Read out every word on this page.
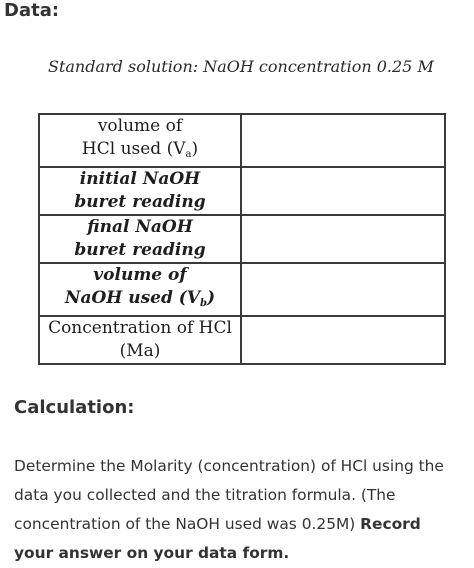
Data:
Standard solution: NaOH concentration 0.25 M
volume of
HCl used $(V_a)$	
initial NaOH
buret reading	
final NaOH
buret reading	
volume of
NaOH used $(V_b)$	
Concentration of HCl
(Ma)	
Calculation:

Determine the Molarity (concentration) of HCl using the data you collected and the titration formula. (The concentration of the NaOH used was 0.25M) Record your answer on your data form.
